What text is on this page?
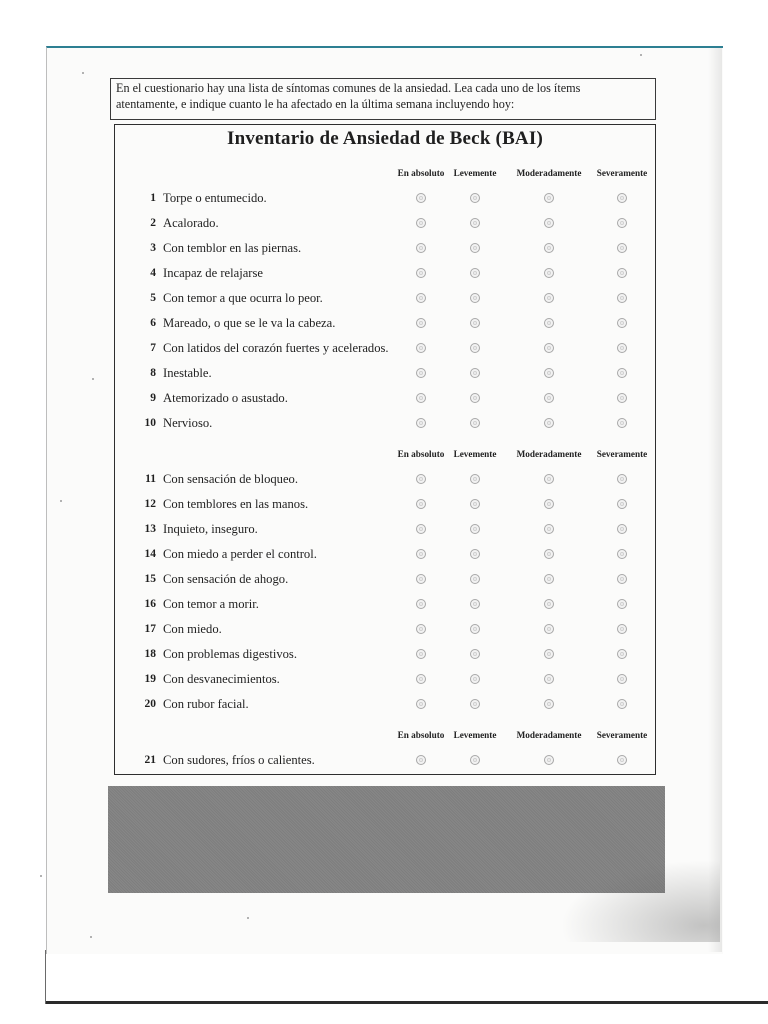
En el cuestionario hay una lista de síntomas comunes de la ansiedad. Lea cada uno de los ítems
atentamente, e indique cuanto le ha afectado en la última semana incluyendo hoy:
Inventario de Ansiedad de Beck (BAI)
En absoluto	Levemente	Moderadamente	Severamente
En absoluto	Levemente	Moderadamente	Severamente
En absoluto	Levemente	Moderadamente	Severamente
1 Torpe o entumecido.
2 Acalorado.
3 Con temblor en las piernas.
4 Incapaz de relajarse
5 Con temor a que ocurra lo peor.
6 Mareado, o que se le va la cabeza.
7 Con latidos del corazón fuertes y acelerados.
8 Inestable.
9 Atemorizado o asustado.
10 Nervioso.
11 Con sensación de bloqueo.
12 Con temblores en las manos.
13 Inquieto, inseguro.
14 Con miedo a perder el control.
15 Con sensación de ahogo.
16 Con temor a morir.
17 Con miedo.
18 Con problemas digestivos.
19 Con desvanecimientos.
20 Con rubor facial.
21 Con sudores, fríos o calientes.
